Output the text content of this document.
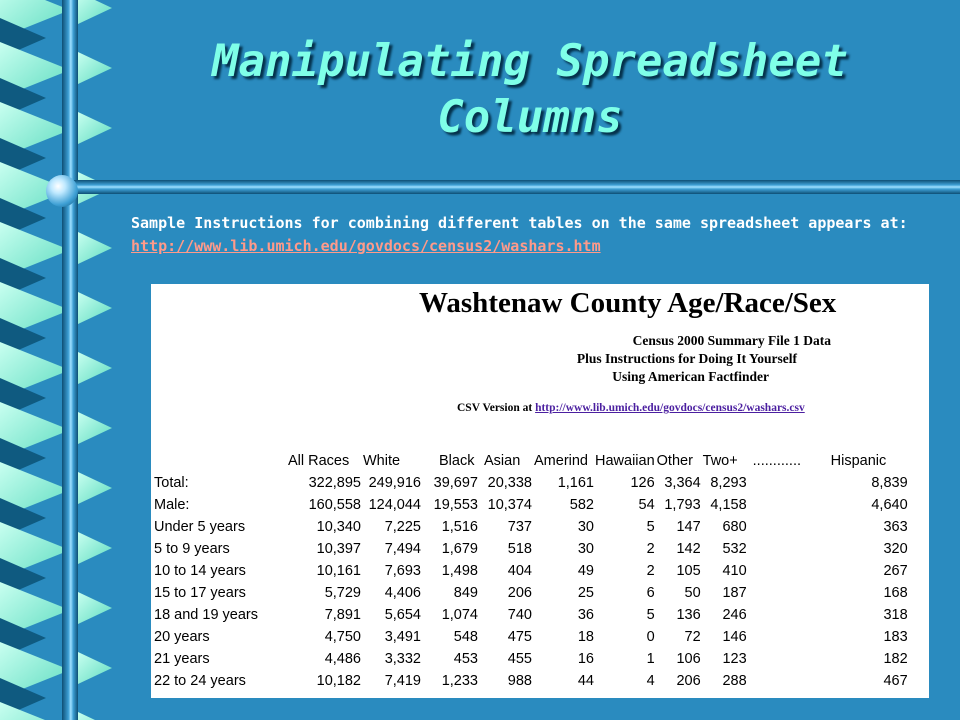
Manipulating Spreadsheet Columns
Sample Instructions for combining different tables on the same spreadsheet appears at: http://www.lib.umich.edu/govdocs/census2/washars.htm
Washtenaw County Age/Race/Sex
Census 2000 Summary File 1 Data
Plus Instructions for Doing It Yourself
Using American Factfinder
CSV Version at http://www.lib.umich.edu/govdocs/census2/washars.csv
	All Races	White	Black	Asian	Amerind	Hawaiian	Other	Two+	............	Hispanic
Total:	322,895	249,916	39,697	20,338	1,161	126	3,364	8,293		8,839
Male:	160,558	124,044	19,553	10,374	582	54	1,793	4,158		4,640
Under 5 years	10,340	7,225	1,516	737	30	5	147	680		363
5 to 9 years	10,397	7,494	1,679	518	30	2	142	532		320
10 to 14 years	10,161	7,693	1,498	404	49	2	105	410		267
15 to 17 years	5,729	4,406	849	206	25	6	50	187		168
18 and 19 years	7,891	5,654	1,074	740	36	5	136	246		318
20 years	4,750	3,491	548	475	18	0	72	146		183
21 years	4,486	3,332	453	455	16	1	106	123		182
22 to 24 years	10,182	7,419	1,233	988	44	4	206	288		467
